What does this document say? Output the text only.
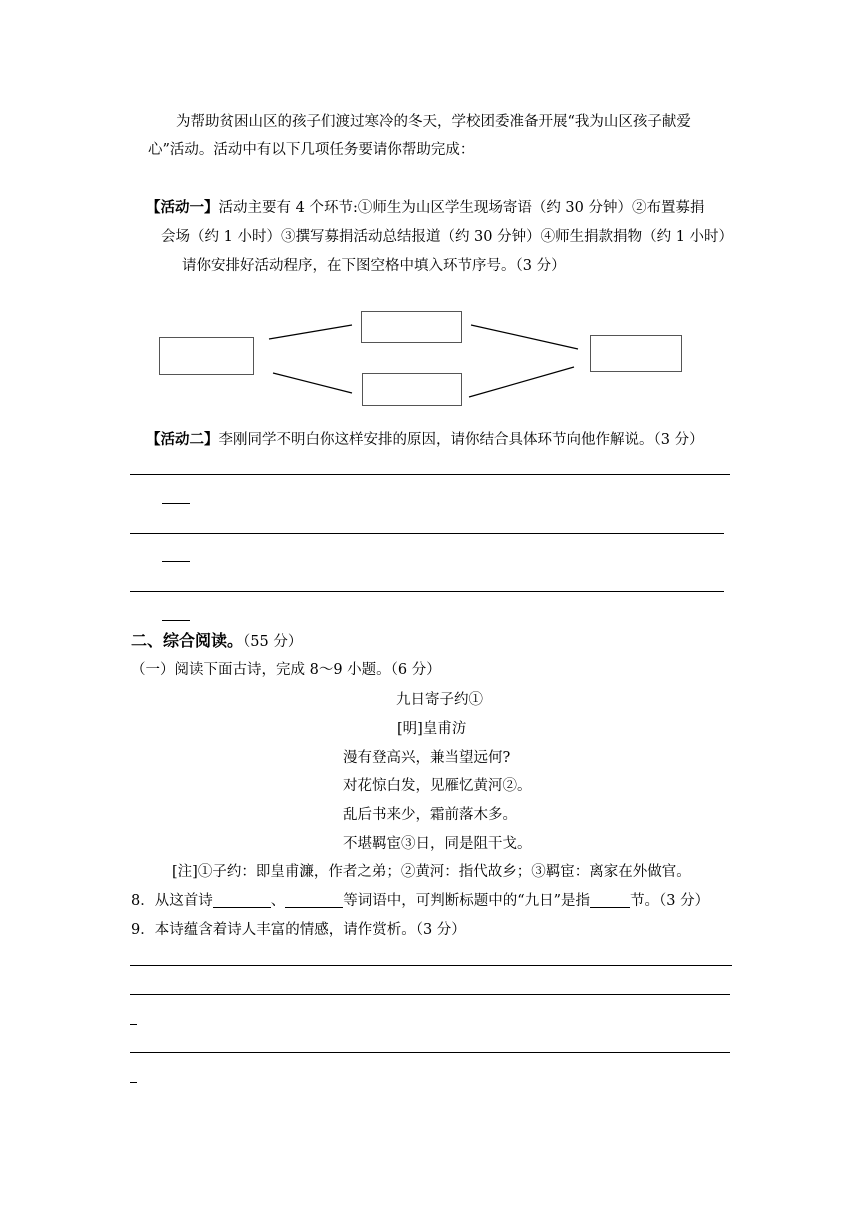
为帮助贫困山区的孩子们渡过寒冷的冬天，学校团委准备开展“我为山区孩子献爱
心”活动。活动中有以下几项任务要请你帮助完成：
【活动一】活动主要有 4 个环节:①师生为山区学生现场寄语（约 30 分钟）②布置募捐
会场（约 1 小时）③撰写募捐活动总结报道（约 30 分钟）④师生捐款捐物（约 1 小时）
请你安排好活动程序，在下图空格中填入环节序号。（3 分）
【活动二】李刚同学不明白你这样安排的原因，请你结合具体环节向他作解说。（3 分）
二、综合阅读。（55 分）
（一）阅读下面古诗，完成 8～9 小题。（6 分）
九日寄子约①
[明]皇甫汸
漫有登高兴，兼当望远何?
对花惊白发，见雁忆黄河②。
乱后书来少，霜前落木多。
不堪羁宦③日，同是阻干戈。
[注]①子约：即皇甫濂，作者之弟；②黄河：指代故乡；③羁宦：离家在外做官。
8．从这首诗	、	等词语中，可判断标题中的“九日”是指	节。（3 分）
9．本诗蕴含着诗人丰富的情感，请作赏析。（3 分）
